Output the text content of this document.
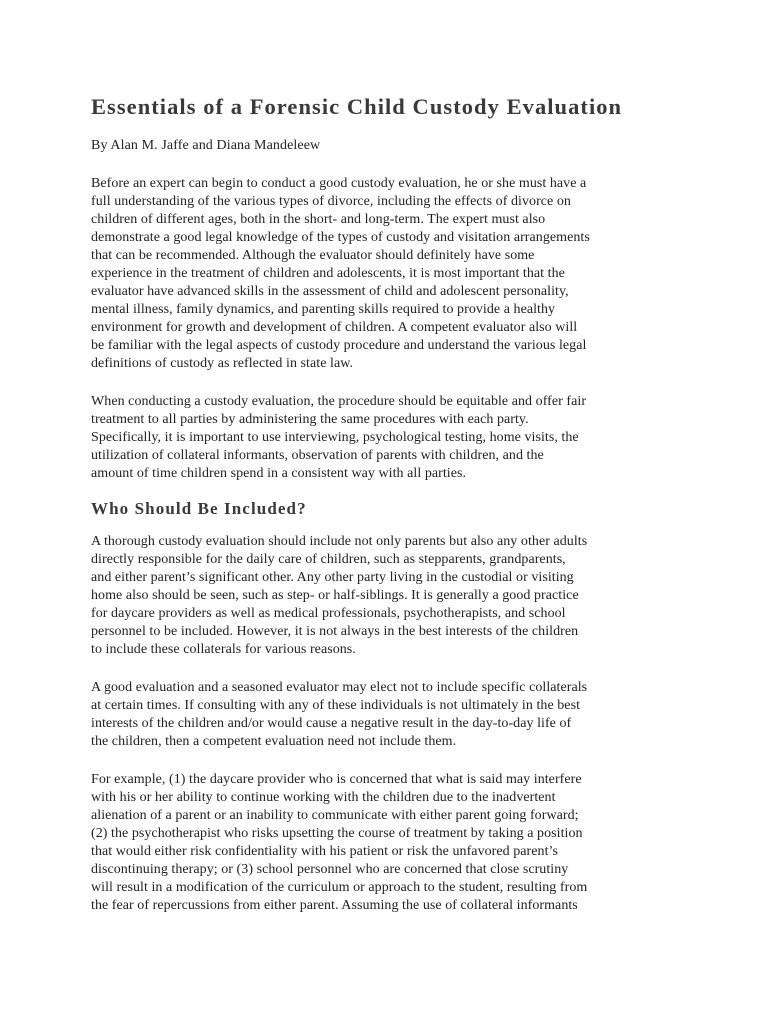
Essentials of a Forensic Child Custody Evaluation

By Alan M. Jaffe and Diana Mandeleew

Before an expert can begin to conduct a good custody evaluation, he or she must have a
full understanding of the various types of divorce, including the effects of divorce on
children of different ages, both in the short- and long-term. The expert must also
demonstrate a good legal knowledge of the types of custody and visitation arrangements
that can be recommended. Although the evaluator should definitely have some
experience in the treatment of children and adolescents, it is most important that the
evaluator have advanced skills in the assessment of child and adolescent personality,
mental illness, family dynamics, and parenting skills required to provide a healthy
environment for growth and development of children. A competent evaluator also will
be familiar with the legal aspects of custody procedure and understand the various legal
definitions of custody as reflected in state law.

When conducting a custody evaluation, the procedure should be equitable and offer fair
treatment to all parties by administering the same procedures with each party.
Specifically, it is important to use interviewing, psychological testing, home visits, the
utilization of collateral informants, observation of parents with children, and the
amount of time children spend in a consistent way with all parties.

Who Should Be Included?

A thorough custody evaluation should include not only parents but also any other adults
directly responsible for the daily care of children, such as stepparents, grandparents,
and either parent’s significant other. Any other party living in the custodial or visiting
home also should be seen, such as step- or half-siblings. It is generally a good practice
for daycare providers as well as medical professionals, psychotherapists, and school
personnel to be included. However, it is not always in the best interests of the children
to include these collaterals for various reasons.

A good evaluation and a seasoned evaluator may elect not to include specific collaterals
at certain times. If consulting with any of these individuals is not ultimately in the best
interests of the children and/or would cause a negative result in the day-to-day life of
the children, then a competent evaluation need not include them.

For example, (1) the daycare provider who is concerned that what is said may interfere
with his or her ability to continue working with the children due to the inadvertent
alienation of a parent or an inability to communicate with either parent going forward;
(2) the psychotherapist who risks upsetting the course of treatment by taking a position
that would either risk confidentiality with his patient or risk the unfavored parent’s
discontinuing therapy; or (3) school personnel who are concerned that close scrutiny
will result in a modification of the curriculum or approach to the student, resulting from
the fear of repercussions from either parent. Assuming the use of collateral informants
